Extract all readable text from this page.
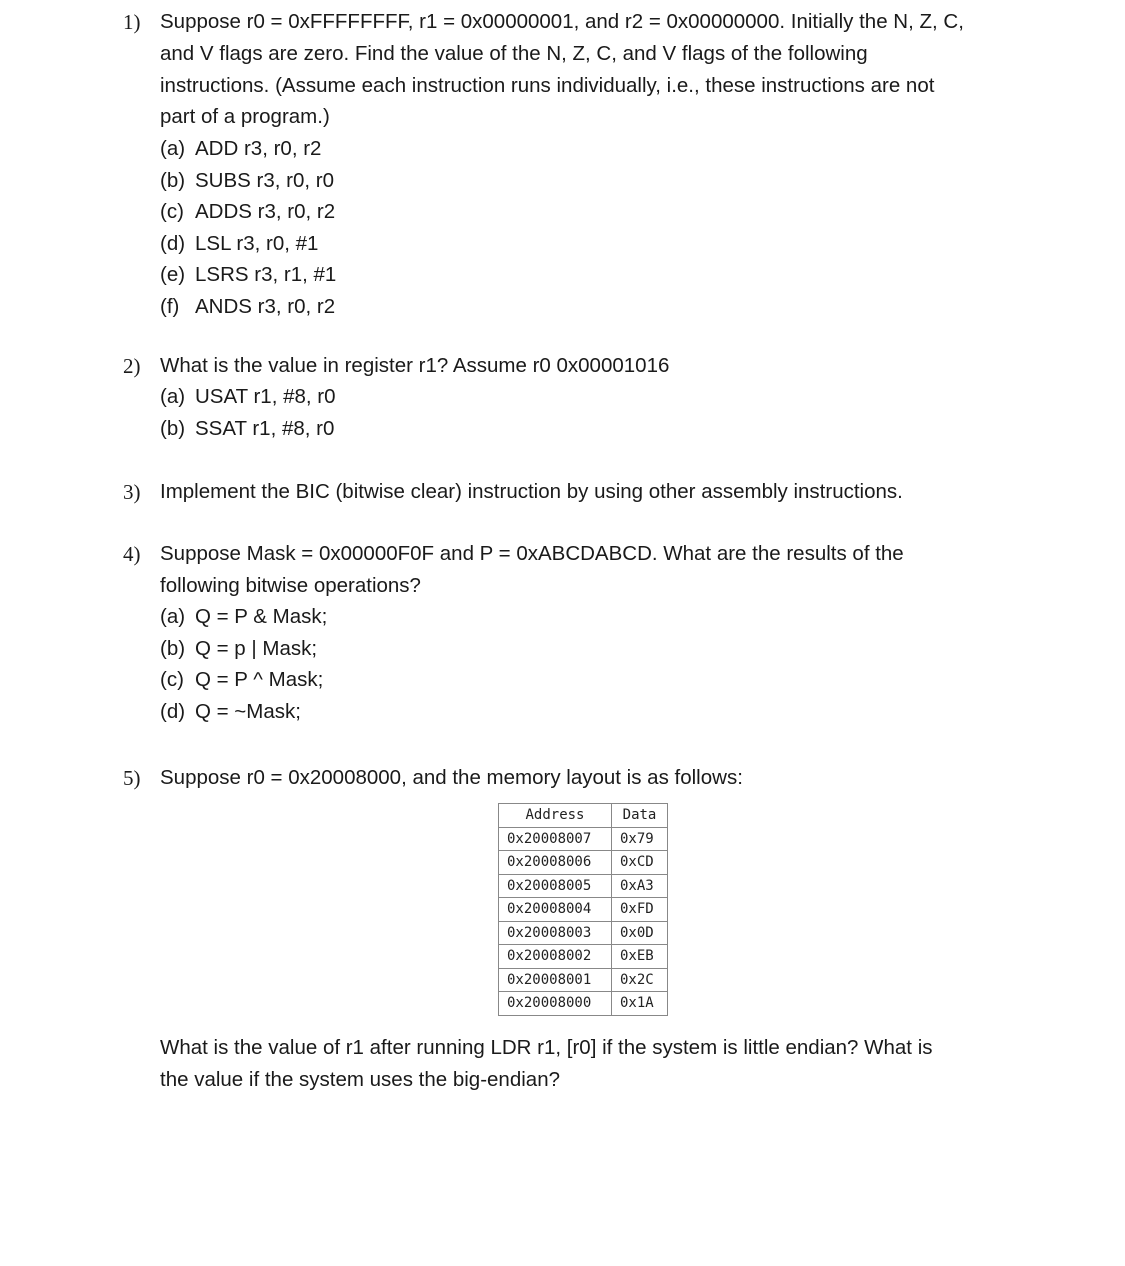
1) Suppose r0 = 0xFFFFFFFF, r1 = 0x00000001, and r2 = 0x00000000. Initially the N, Z, C,
and V flags are zero. Find the value of the N, Z, C, and V flags of the following
instructions. (Assume each instruction runs individually, i.e., these instructions are not
part of a program.)
(a) ADD r3, r0, r2
(b) SUBS r3, r0, r0
(c) ADDS r3, r0, r2
(d) LSL r3, r0, #1
(e) LSRS r3, r1, #1
(f) ANDS r3, r0, r2
2) What is the value in register r1? Assume r0 0x00001016
(a) USAT r1, #8, r0
(b) SSAT r1, #8, r0
3) Implement the BIC (bitwise clear) instruction by using other assembly instructions.
4) Suppose Mask = 0x00000F0F and P = 0xABCDABCD. What are the results of the
following bitwise operations?
(a) Q = P & Mask;
(b) Q = p | Mask;
(c) Q = P ^ Mask;
(d) Q = ~Mask;
5) Suppose r0 = 0x20008000, and the memory layout is as follows:
Address	Data
0x20008007	0x79
0x20008006	0xCD
0x20008005	0xA3
0x20008004	0xFD
0x20008003	0x0D
0x20008002	0xEB
0x20008001	0x2C
0x20008000	0x1A
What is the value of r1 after running LDR r1, [r0] if the system is little endian? What is
the value if the system uses the big-endian?
